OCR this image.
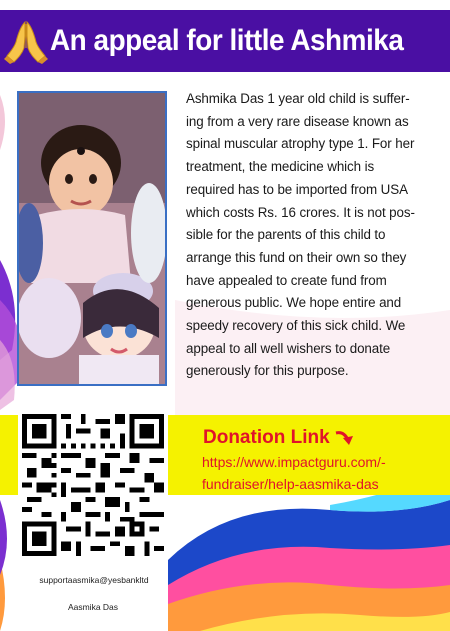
An appeal for little Ashmika
Ashmika Das 1 year old child is suffer-ing from a very rare disease known as spinal muscular atrophy type 1. For her treatment, the medicine which is required has to be imported from USA which costs Rs. 16 crores. It is not pos-sible for the parents of this child to arrange this fund on their own so they have appealed to create fund from generous public. We hope entire and speedy recovery of this sick child. We appeal to all well wishers to donate generously for this purpose.
Donation Link
https://www.impactguru.com/-fundraiser/help-aasmika-das
supportaasmika@yesbankltd
Aasmika Das
